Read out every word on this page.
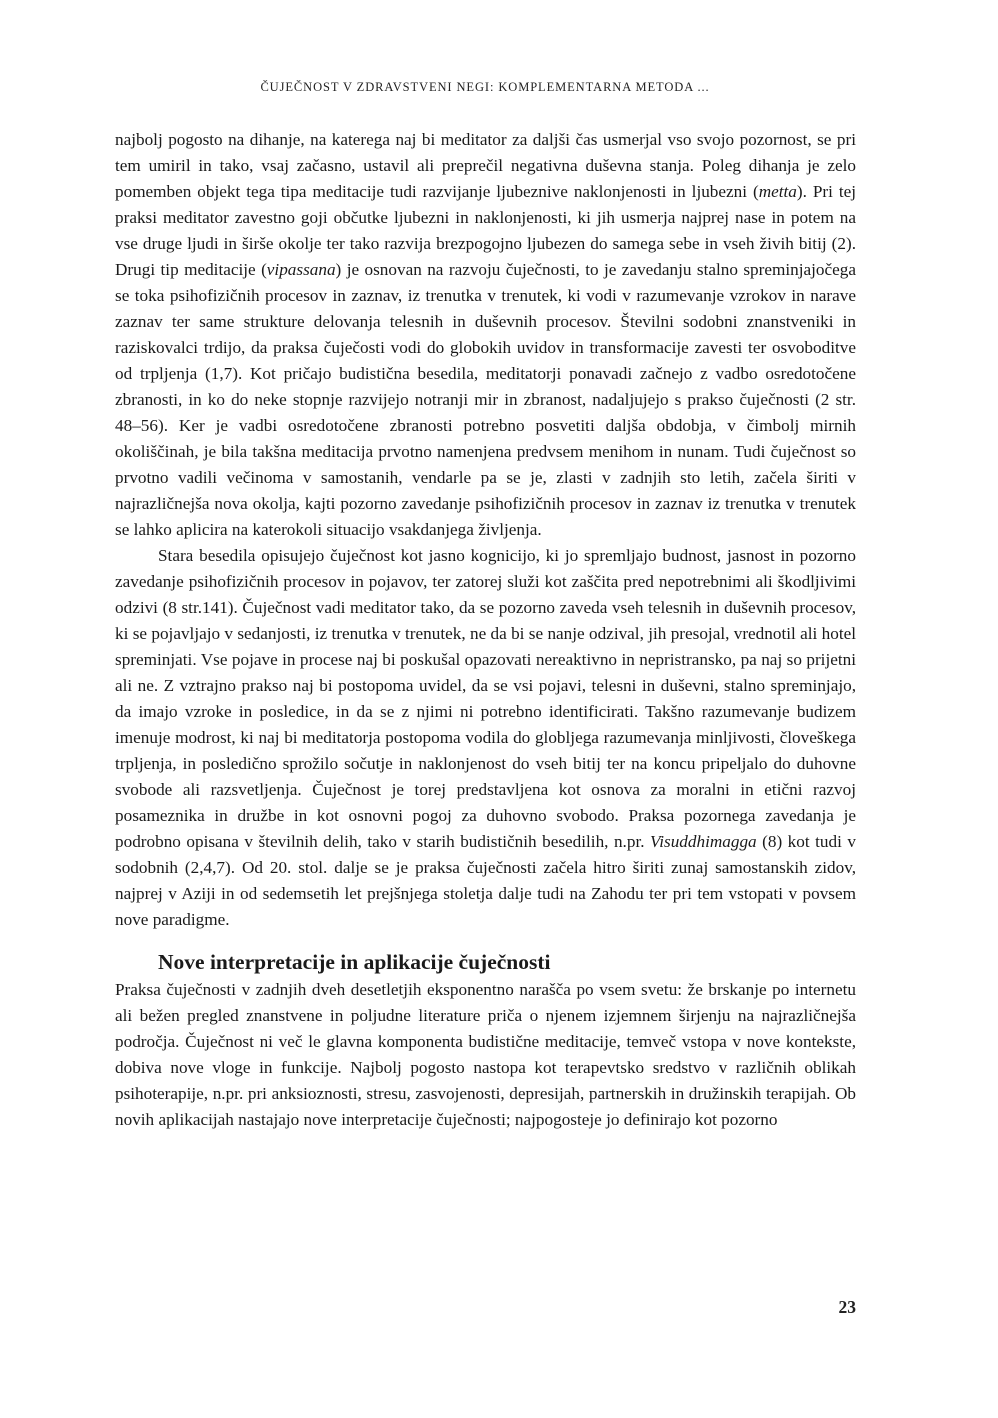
ČUJEČNOST V ZDRAVSTVENI NEGI: KOMPLEMENTARNA METODA ...

najbolj pogosto na dihanje, na katerega naj bi meditator za daljši čas usmerjal vso svojo pozornost, se pri tem umiril in tako, vsaj začasno, ustavil ali preprečil negativna duševna stanja. Poleg dihanja je zelo pomemben objekt tega tipa meditacije tudi razvijanje ljubeznive naklonjenosti in ljubezni (metta). Pri tej praksi meditator zavestno goji občutke ljubezni in naklonjenosti, ki jih usmerja najprej nase in potem na vse druge ljudi in širše okolje ter tako razvija brezpogojno ljubezen do samega sebe in vseh živih bitij (2). Drugi tip meditacije (vipassana) je osnovan na razvoju čuječnosti, to je zavedanju stalno spreminjajočega se toka psihofizičnih procesov in zaznav, iz trenutka v trenutek, ki vodi v razumevanje vzrokov in narave zaznav ter same strukture delovanja telesnih in duševnih procesov. Številni sodobni znanstveniki in raziskovalci trdijo, da praksa čuječosti vodi do globokih uvidov in transformacije zavesti ter osvoboditve od trpljenja (1,7). Kot pričajo budistična besedila, meditatorji ponavadi začnejo z vadbo osredotočene zbranosti, in ko do neke stopnje razvijejo notranji mir in zbranost, nadaljujejo s prakso čuječnosti (2 str. 48–56). Ker je vadbi osredotočene zbranosti potrebno posvetiti daljša obdobja, v čimbolj mirnih okoliščinah, je bila takšna meditacija prvotno namenjena predvsem menihom in nunam. Tudi čuječnost so prvotno vadili večinoma v samostanih, vendarle pa se je, zlasti v zadnjih sto letih, začela širiti v najrazličnejša nova okolja, kajti pozorno zavedanje psihofizičnih procesov in zaznav iz trenutka v trenutek se lahko aplicira na katerokoli situacijo vsakdanjega življenja.

Stara besedila opisujejo čuječnost kot jasno kognicijo, ki jo spremljajo budnost, jasnost in pozorno zavedanje psihofizičnih procesov in pojavov, ter zatorej služi kot zaščita pred nepotrebnimi ali škodljivimi odzivi (8 str.141). Čuječnost vadi meditator tako, da se pozorno zaveda vseh telesnih in duševnih procesov, ki se pojavljajo v sedanjosti, iz trenutka v trenutek, ne da bi se nanje odzival, jih presojal, vrednotil ali hotel spreminjati. Vse pojave in procese naj bi poskušal opazovati nereaktivno in nepristransko, pa naj so prijetni ali ne. Z vztrajno prakso naj bi postopoma uvidel, da se vsi pojavi, telesni in duševni, stalno spreminjajo, da imajo vzroke in posledice, in da se z njimi ni potrebno identificirati. Takšno razumevanje budizem imenuje modrost, ki naj bi meditatorja postopoma vodila do globljega razumevanja minljivosti, človeškega trpljenja, in posledično sprožilo sočutje in naklonjenost do vseh bitij ter na koncu pripeljalo do duhovne svobode ali razsvetljenja. Čuječnost je torej predstavljena kot osnova za moralni in etični razvoj posameznika in družbe in kot osnovni pogoj za duhovno svobodo. Praksa pozornega zavedanja je podrobno opisana v številnih delih, tako v starih budističnih besedilih, n.pr. Visuddhimagga (8) kot tudi v sodobnih (2,4,7). Od 20. stol. dalje se je praksa čuječnosti začela hitro širiti zunaj samostanskih zidov, najprej v Aziji in od sedemsetih let prejšnjega stoletja dalje tudi na Zahodu ter pri tem vstopati v povsem nove paradigme.

Nove interpretacije in aplikacije čuječnosti

Praksa čuječnosti v zadnjih dveh desetletjih eksponentno narašča po vsem svetu: že brskanje po internetu ali bežen pregled znanstvene in poljudne literature priča o njenem izjemnem širjenju na najrazličnejša področja. Čuječnost ni več le glavna komponenta budistične meditacije, temveč vstopa v nove kontekste, dobiva nove vloge in funkcije. Najbolj pogosto nastopa kot terapevtsko sredstvo v različnih oblikah psihoterapije, n.pr. pri anksioznosti, stresu, zasvojenosti, depresijah, partnerskih in družinskih terapijah. Ob novih aplikacijah nastajajo nove interpretacije čuječnosti; najpogosteje jo definirajo kot pozorno

23
